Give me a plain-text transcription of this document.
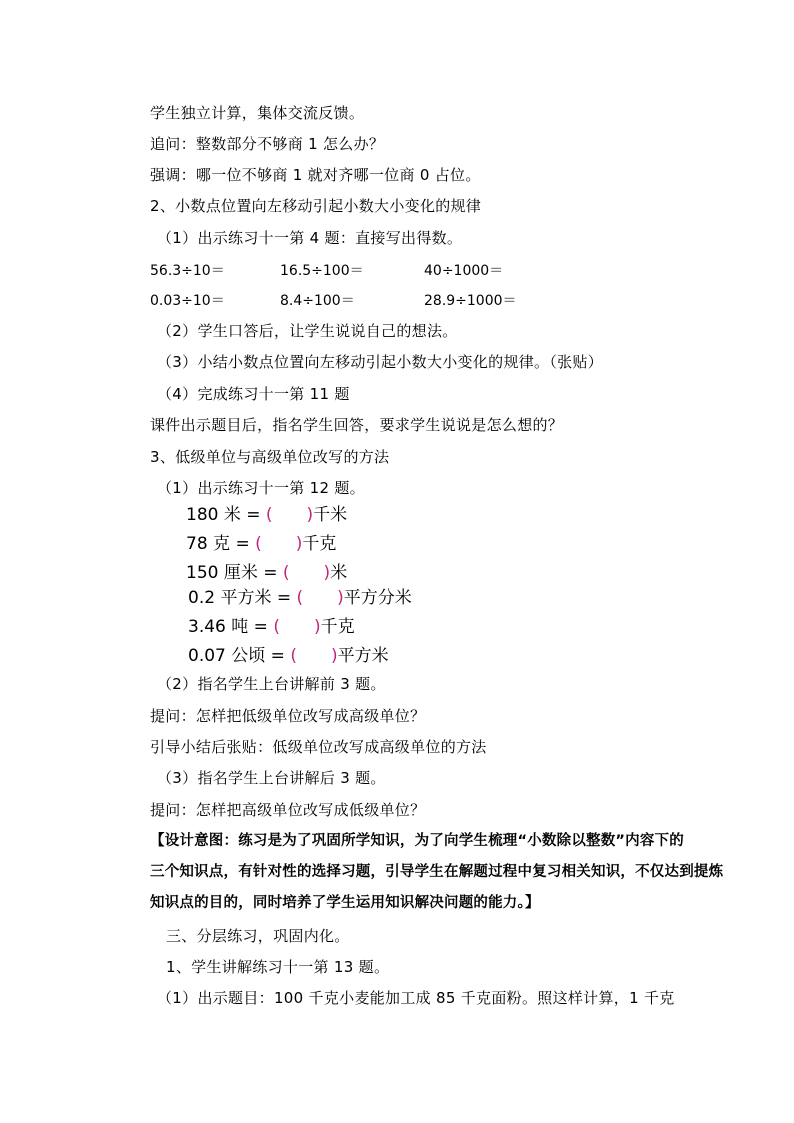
学生独立计算，集体交流反馈。
追问：整数部分不够商 1 怎么办？
强调：哪一位不够商 1 就对齐哪一位商 0 占位。
2、小数点位置向左移动引起小数大小变化的规律
（1）出示练习十一第 4 题：直接写出得数。
56.3÷10＝	16.5÷100＝	40÷1000＝
0.03÷10＝	8.4÷100＝	28.9÷1000＝
（2）学生口答后，让学生说说自己的想法。
（3）小结小数点位置向左移动引起小数大小变化的规律。（张贴）
（4）完成练习十一第 11 题
课件出示题目后，指名学生回答，要求学生说说是怎么想的？
3、低级单位与高级单位改写的方法
（1）出示练习十一第 12 题。
180 米 = ( )千米
78 克 = ( )千克
150 厘米 = ( )米
0.2 平方米 = ( )平方分米
3.46 吨 = ( )千克
0.07 公顷 = ( )平方米
（2）指名学生上台讲解前 3 题。
提问：怎样把低级单位改写成高级单位？
引导小结后张贴：低级单位改写成高级单位的方法
（3）指名学生上台讲解后 3 题。
提问：怎样把高级单位改写成低级单位？
【设计意图：练习是为了巩固所学知识，为了向学生梳理“小数除以整数”内容下的
三个知识点，有针对性的选择习题，引导学生在解题过程中复习相关知识，不仅达到提炼
知识点的目的，同时培养了学生运用知识解决问题的能力。】
三、分层练习，巩固内化。
1、学生讲解练习十一第 13 题。
（1）出示题目：100 千克小麦能加工成 85 千克面粉。照这样计算，1 千克
